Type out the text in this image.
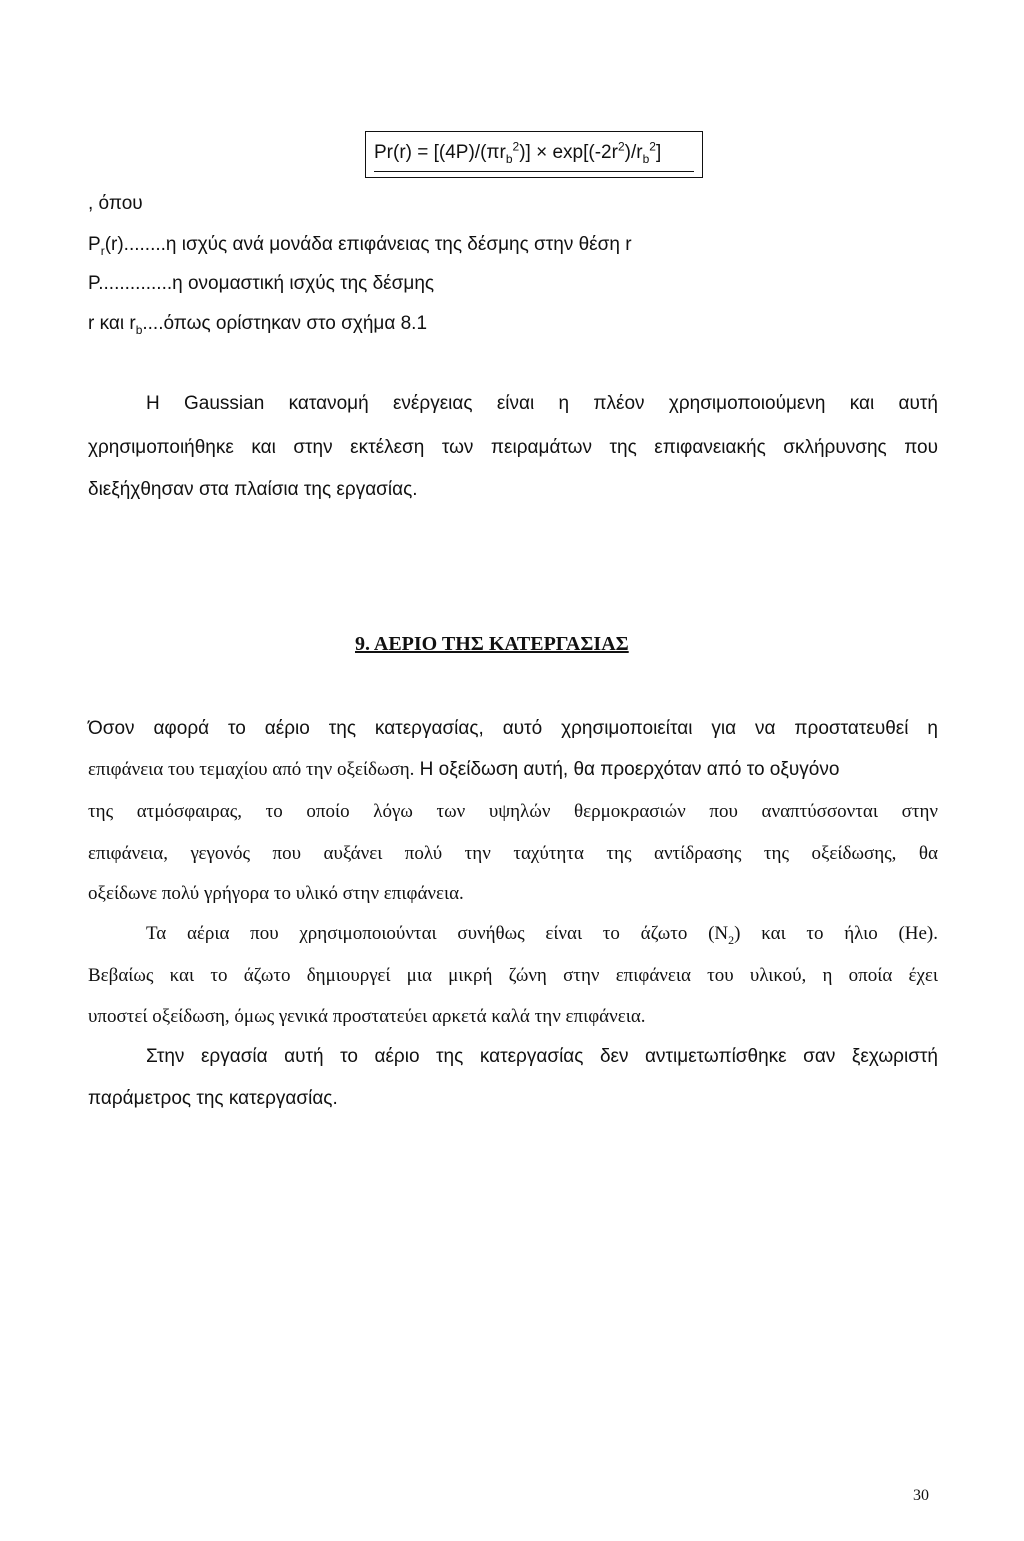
$Pr(r) = [(4P)/(\pi r_b^2)] \times \exp[(-2r^2)/r_b^2]$
, όπου
$P_r(r)........\eta$ ισχύς ανά μονάδα επιφάνειας της δέσμης στην θέση r
P..............η ονομαστική ισχύς της δέσμης
r και $r_b....ό\pi\omega\varsigma$ ορίστηκαν στο σχήμα 8.1
Η Gaussian κατανομή ενέργειας είναι η πλέον χρησιμοποιούμενη και αυτή
χρησιμοποιήθηκε και στην εκτέλεση των πειραμάτων της επιφανειακής σκλήρυνσης που
διεξήχθησαν στα πλαίσια της εργασίας.
9. ΑΕΡΙΟ ΤΗΣ ΚΑΤΕΡΓΑΣΙΑΣ
Όσον αφορά το αέριο της κατεργασίας, αυτό χρησιμοποιείται για να προστατευθεί η
επιφάνεια του τεμαχίου από την οξείδωση. Η οξείδωση αυτή, θα προερχόταν από το οξυγόνο
της ατμόσφαιρας, το οποίο λόγω των υψηλών θερμοκρασιών που αναπτύσσονται στην
επιφάνεια, γεγονός που αυξάνει πολύ την ταχύτητα της αντίδρασης της οξείδωσης, θα
οξείδωνε πολύ γρήγορα το υλικό στην επιφάνεια.
Τα αέρια που χρησιμοποιούνται συνήθως είναι το άζωτο $(N_2)$ και το ήλιο (He).
Βεβαίως και το άζωτο δημιουργεί μια μικρή ζώνη στην επιφάνεια του υλικού, η οποία έχει
υποστεί οξείδωση, όμως γενικά προστατεύει αρκετά καλά την επιφάνεια.
Στην εργασία αυτή το αέριο της κατεργασίας δεν αντιμετωπίσθηκε σαν ξεχωριστή
παράμετρος της κατεργασίας.
30
